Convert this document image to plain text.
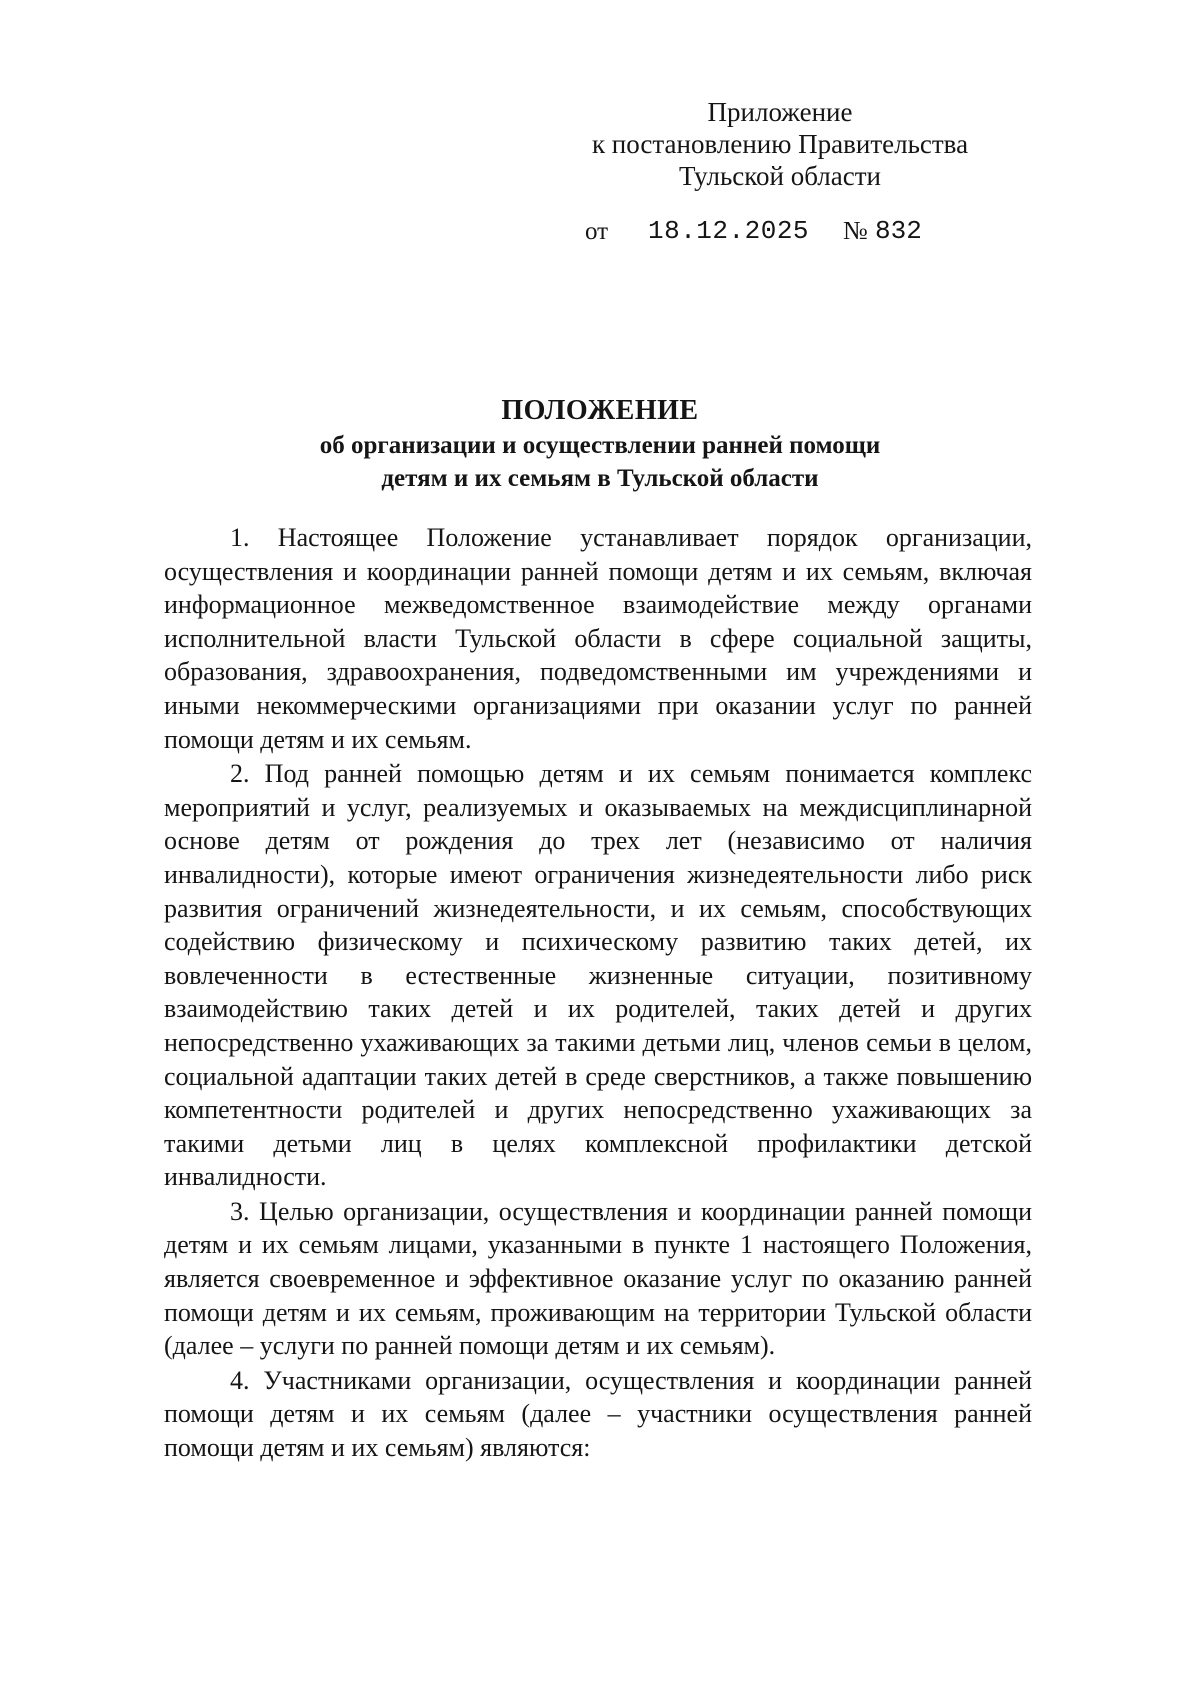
Приложение
к постановлению Правительства
Тульской области
от 18.12.2025 № 832
ПОЛОЖЕНИЕ
об организации и осуществлении ранней помощи
детям и их семьям в Тульской области

1. Настоящее Положение устанавливает порядок организации, осуществления и координации ранней помощи детям и их семьям, включая информационное межведомственное взаимодействие между органами исполнительной власти Тульской области в сфере социальной защиты, образования, здравоохранения, подведомственными им учреждениями и иными некоммерческими организациями при оказании услуг по ранней помощи детям и их семьям.

2. Под ранней помощью детям и их семьям понимается комплекс мероприятий и услуг, реализуемых и оказываемых на междисциплинарной основе детям от рождения до трех лет (независимо от наличия инвалидности), которые имеют ограничения жизнедеятельности либо риск развития ограничений жизнедеятельности, и их семьям, способствующих содействию физическому и психическому развитию таких детей, их вовлеченности в естественные жизненные ситуации, позитивному взаимодействию таких детей и их родителей, таких детей и других непосредственно ухаживающих за такими детьми лиц, членов семьи в целом, социальной адаптации таких детей в среде сверстников, а также повышению компетентности родителей и других непосредственно ухаживающих за такими детьми лиц в целях комплексной профилактики детской инвалидности.

3. Целью организации, осуществления и координации ранней помощи детям и их семьям лицами, указанными в пункте 1 настоящего Положения, является своевременное и эффективное оказание услуг по оказанию ранней помощи детям и их семьям, проживающим на территории Тульской области (далее – услуги по ранней помощи детям и их семьям).

4. Участниками организации, осуществления и координации ранней помощи детям и их семьям (далее – участники осуществления ранней помощи детям и их семьям) являются:
